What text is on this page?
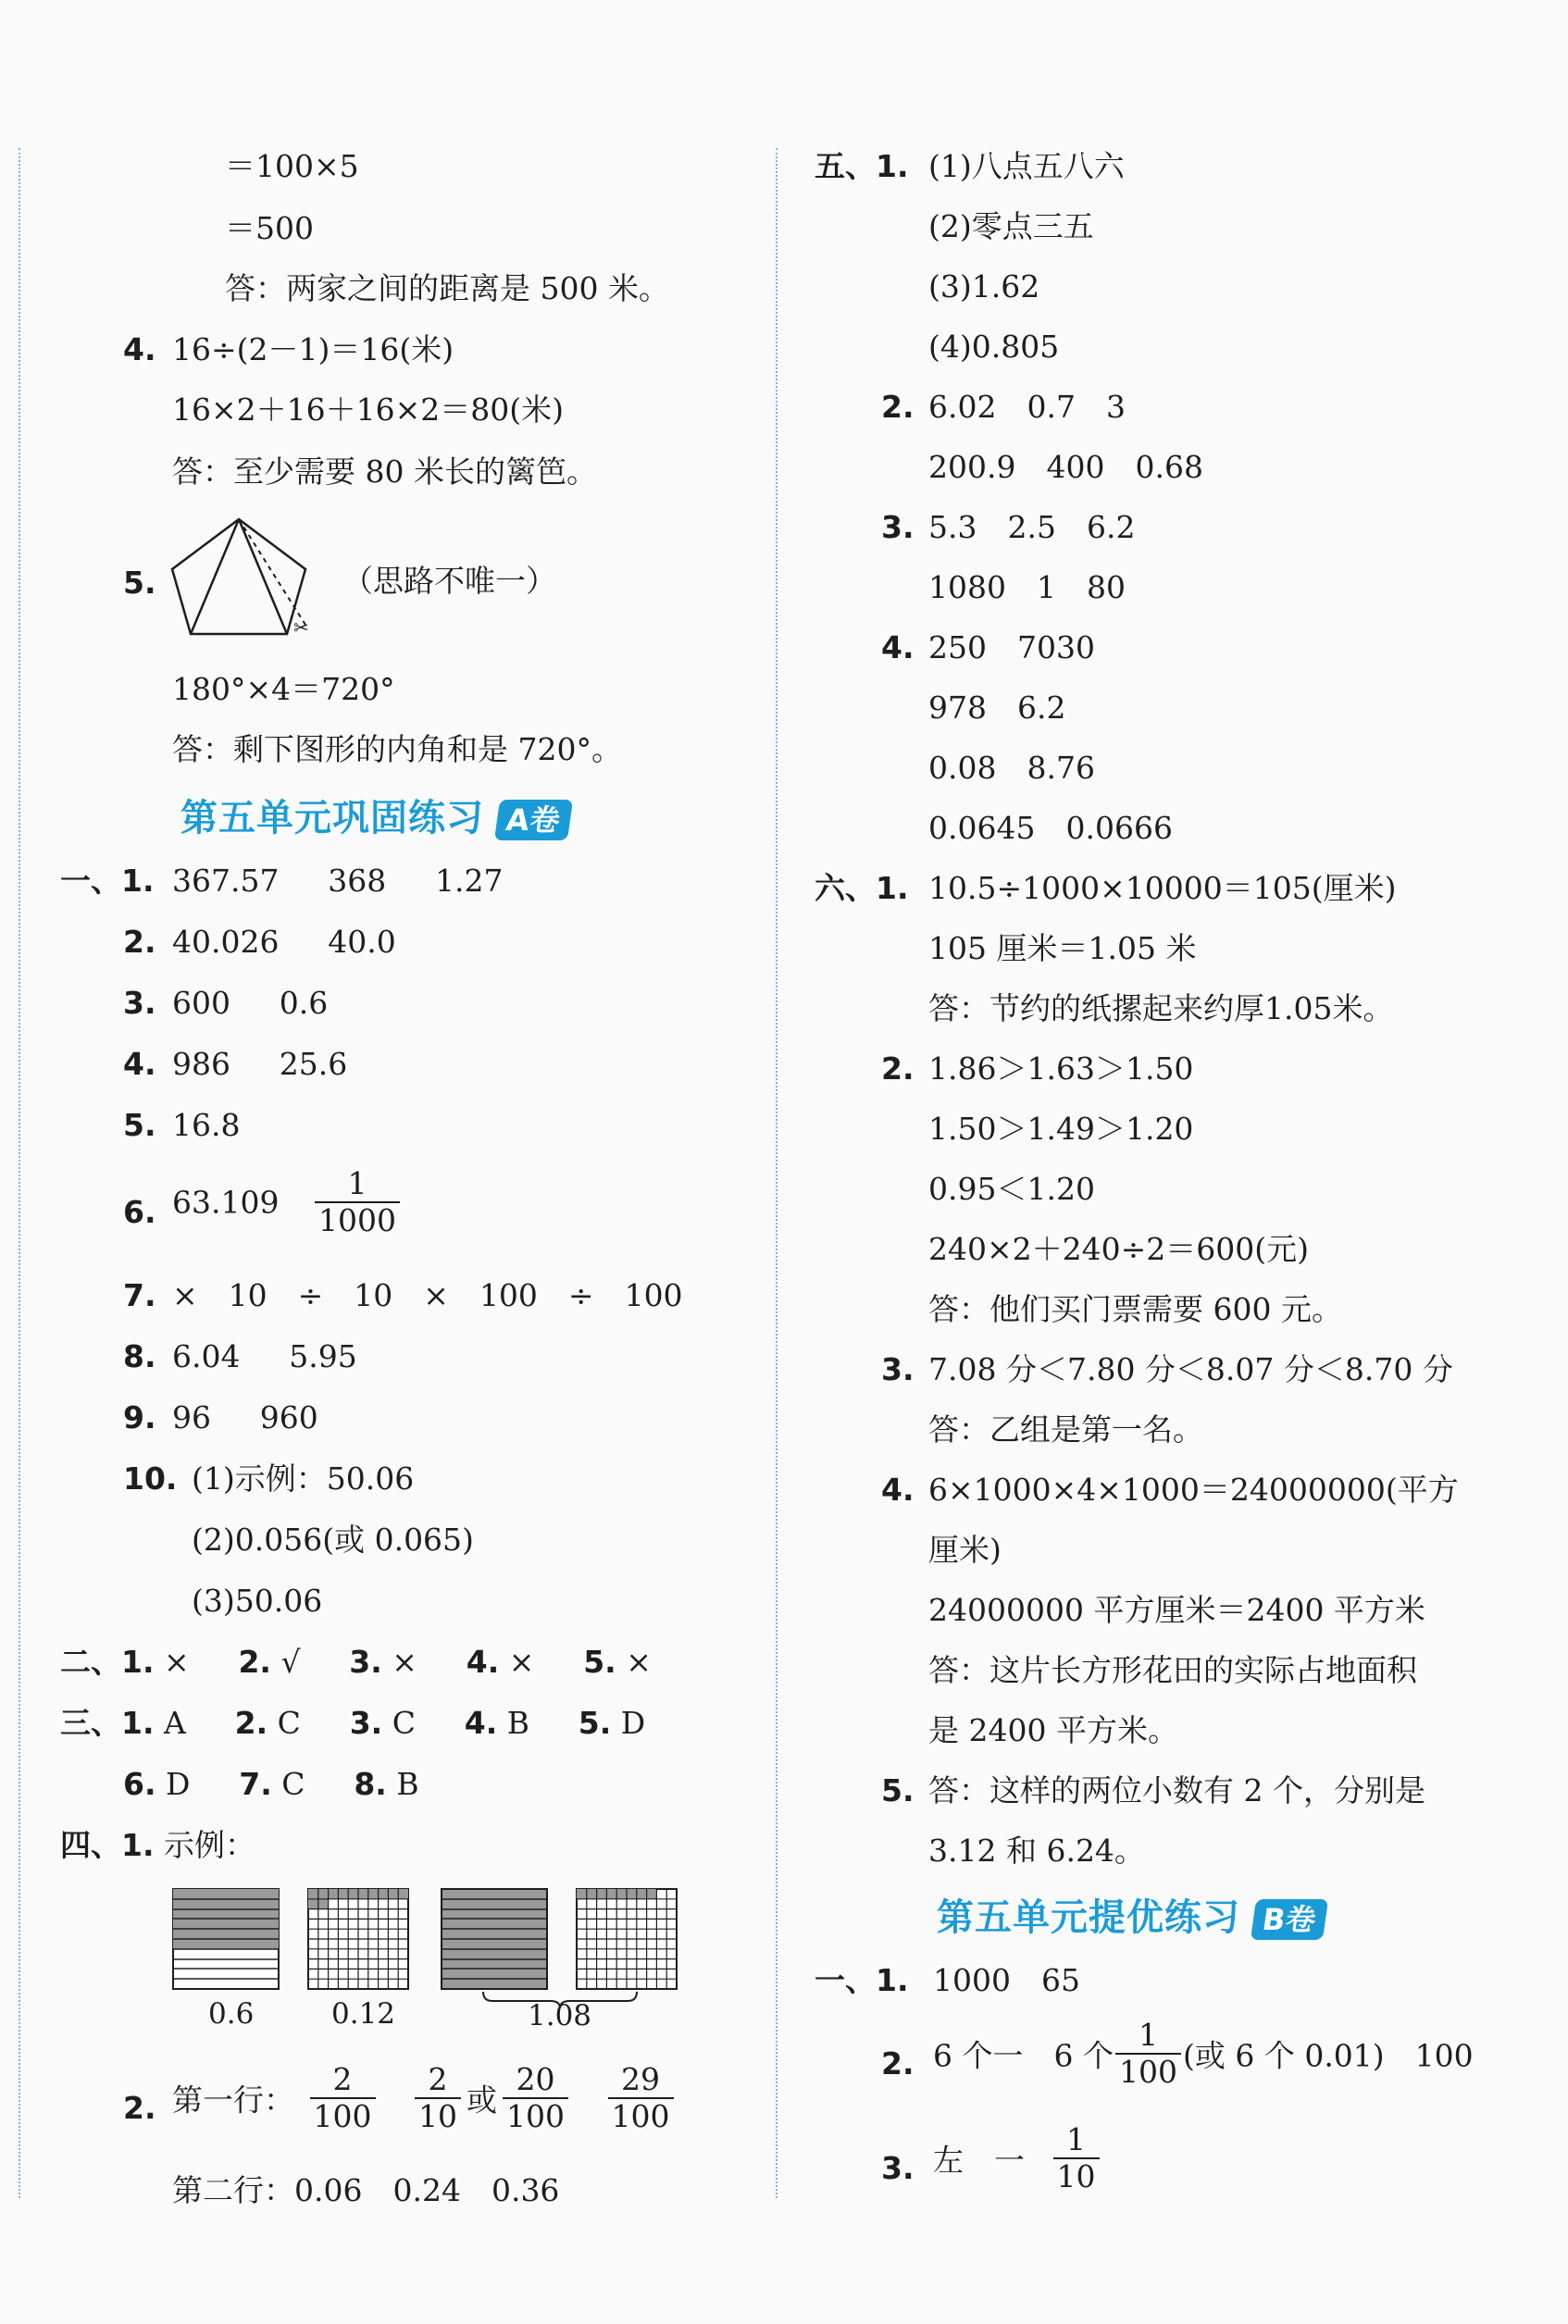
＝100×5
＝500
答：两家之间的距离是 500 米。
4. 16÷(2－1)＝16(米)
16×2＋16＋16×2＝80(米)
答：至少需要 80 米长的篱笆。
5.
✂
（思路不唯一）
180°×4＝720°
答：剩下图形的内角和是 720°。
第五单元巩固练习 A卷
一、1. 367.57 368 1.27
2. 40.026 40.0
3. 600 0.6
4. 986 25.6
5. 16.8
6. $63.109 \frac{1}{1000}$
7. ×　10　÷　10　×　100　÷　100
8. 6.04 5.95
9. 96 960
10. (1)示例：50.06
(2)0.056(或 0.065)
(3)50.06
二、1. × 2. √ 3. × 4. × 5. ×
三、1. A 2. C 3. C 4. B 5. D
6. D 7. C 8. B
四、1. 示例：
0.6	0.12	1.08
2. 第一行： $\frac{2}{100}$
$\frac{2}{10}$ 或 $\frac{20}{100}$
$\frac{29}{100}$
第二行：0.06　0.24　0.36
五、1. (1)八点五八六
(2)零点三五
(3)1.62
(4)0.805
2. 6.02　0.7　3
200.9　400　0.68
3. 5.3　2.5　6.2
1080　1　80
4. 250　7030
978　6.2
0.08　8.76
0.0645　0.0666
六、1. 10.5÷1000×10000＝105(厘米)
105 厘米＝1.05 米
答：节约的纸摞起来约厚1.05米。
2. 1.86＞1.63＞1.50
1.50＞1.49＞1.20
0.95＜1.20
240×2＋240÷2＝600(元)
答：他们买门票需要 600 元。
3. 7.08 分＜7.80 分＜8.07 分＜8.70 分
答：乙组是第一名。
4. 6×1000×4×1000＝24000000(平方
厘米)
24000000 平方厘米＝2400 平方米
答：这片长方形花田的实际占地面积
是 2400 平方米。
5. 答：这样的两位小数有 2 个，分别是
3.12 和 6.24。
第五单元提优练习 B卷
一、1. 1000　65
2. 6 个一　6 个 $\frac{1}{100}$ (或 6 个 0.01)　100
3. 左　一 $\frac{1}{10}$
